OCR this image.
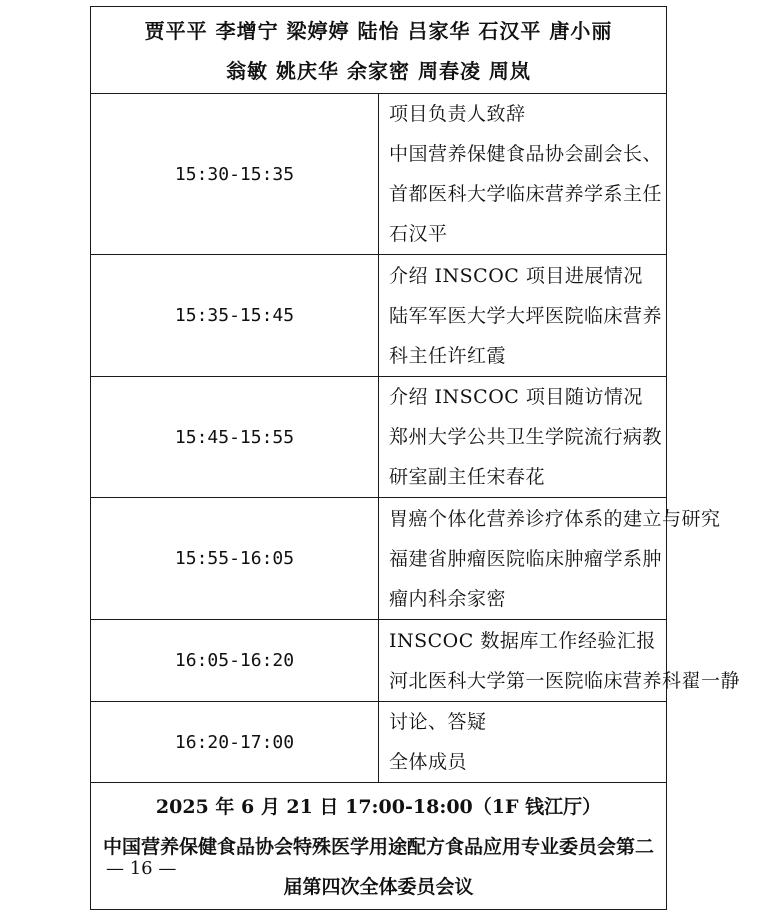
贾平平 李增宁 梁婷婷 陆怡 吕家华 石汉平 唐小丽
翁敏 姚庆华 余家密 周春凌 周岚	

15:30-15:35	项目负责人致辞
中国营养保健食品协会副会长、首都医科大学临床营养学系主任石汉平

15:35-15:45	介绍 INSCOC 项目进展情况
陆军军医大学大坪医院临床营养科主任许红霞

15:45-15:55	介绍 INSCOC 项目随访情况
郑州大学公共卫生学院流行病教研室副主任宋春花

15:55-16:05	胃癌个体化营养诊疗体系的建立与研究
福建省肿瘤医院临床肿瘤学系肿瘤内科余家密

16:05-16:20	INSCOC 数据库工作经验汇报
河北医科大学第一医院临床营养科翟一静

16:20-17:00	讨论、答疑
全体成员

2025 年 6 月 21 日 17:00-18:00（1F 钱江厅）
中国营养保健食品协会特殊医学用途配方食品应用专业委员会第二届第四次全体委员会议	
— 16 —
